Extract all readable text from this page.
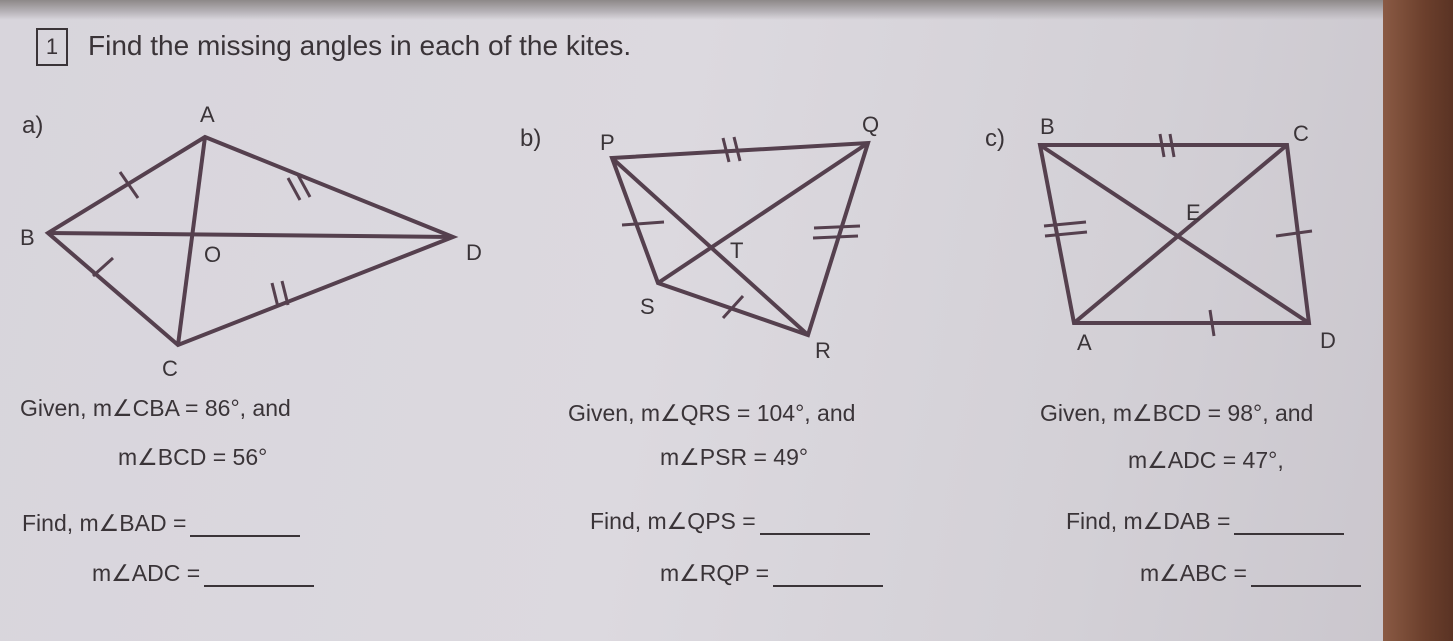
1	Find the missing angles in each of the kites.
a)	b)	c)
A
B
C
D
O
P
Q
R
S
T
B	C
A	D
E
Given, m∠CBA = 86°, and
m∠BCD = 56°
Find, m∠BAD =
m∠ADC =
Given, m∠QRS = 104°, and
m∠PSR = 49°
Find, m∠QPS =
m∠RQP =
Given, m∠BCD = 98°, and
m∠ADC = 47°,
Find, m∠DAB =
m∠ABC =
